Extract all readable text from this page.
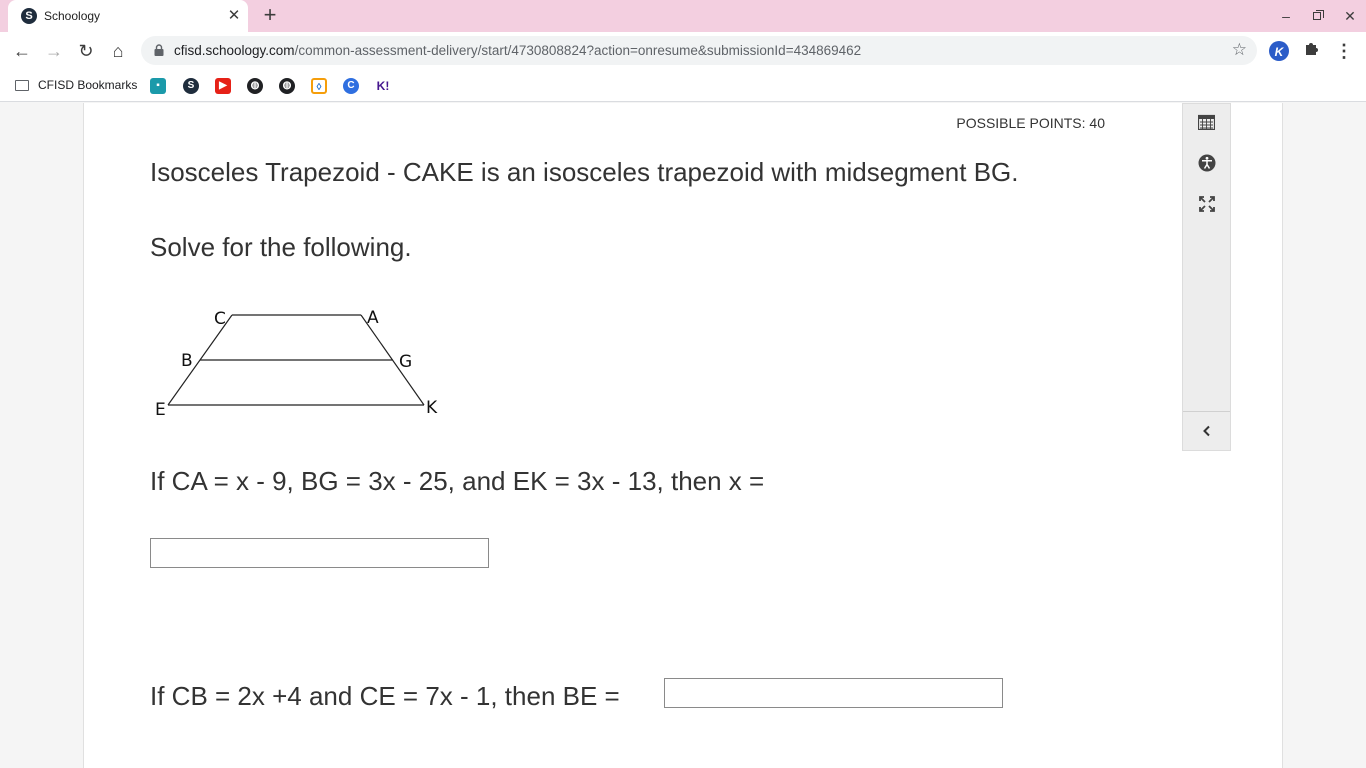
S Schoology	✕ +	–	✕
← → ↻	⌂	cfisd.schoology.com/common-assessment-delivery/start/4730808824?action=onresume&submissionId=434869462	☆	K	⋮
CFISD Bookmarks	▪	S	▶	◍	◍	◊	C	K!
POSSIBLE POINTS: 40
Isosceles Trapezoid - CAKE is an isosceles trapezoid with midsegment BG.
Solve for the following.
If CA = x - 9, BG = 3x - 25, and EK = 3x - 13, then x =
If CB = 2x +4 and CE = 7x - 1, then BE =
C	A
B	G
E	K
